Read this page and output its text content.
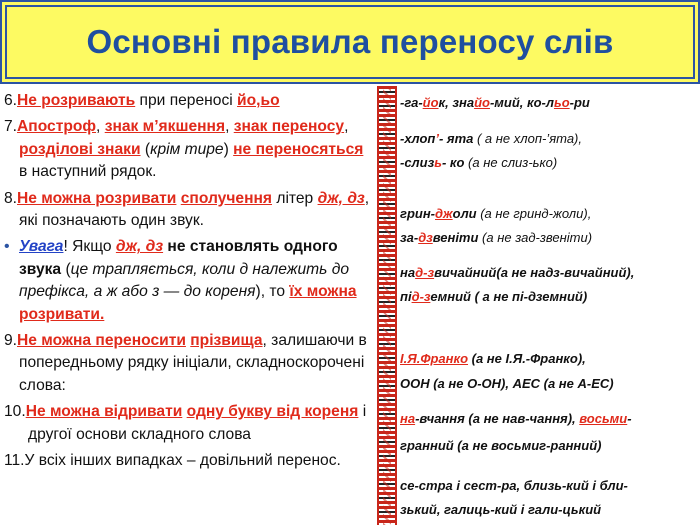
Основні правила переносу слів

6.Не розривають при переносі йо,ьо

7.Апостроф, знак м’якшення, знак переносу, розділові знаки (крім тире) не переносяться в наступний рядок.

8.Не можна розривати сполучення літер дж, дз, які позначають один звук.

• Увага! Якщо дж, дз не становлять одного звука (це трапляється, коли д належить до префікса, а ж або з — до кореня), то їх можна розривати.

9.Не можна переносити прізвища, залишаючи в попередньому рядку ініціали, складноскорочені слова:

10.Не можна відривати одну букву від кореня і другої основи складного слова

11.У всіх інших випадках – довільний перенос.

-га-йок, знайо-мий, ко-льо-ри
-хлоп’- ята ( а не хлоп-’ята),
-слизь- ко (а не слиз-ько)
грин-джоли (а не гринд-жоли),
за-дзвеніти (а не зад-звеніти)
над-звичайний(а не надз-вичайний),
під-земний ( а не пі-дземний)
І.Я.Франко (а не І.Я.-Франко),
ООН (а не О-ОН), АЕС (а не А-ЕС)
на-вчання (а не нав-чання), восьми-
гранний (а не восьмиг-ранний)
се-стра і сест-ра, близь-кий і бли-
зький, галиць-кий і гали-цький
